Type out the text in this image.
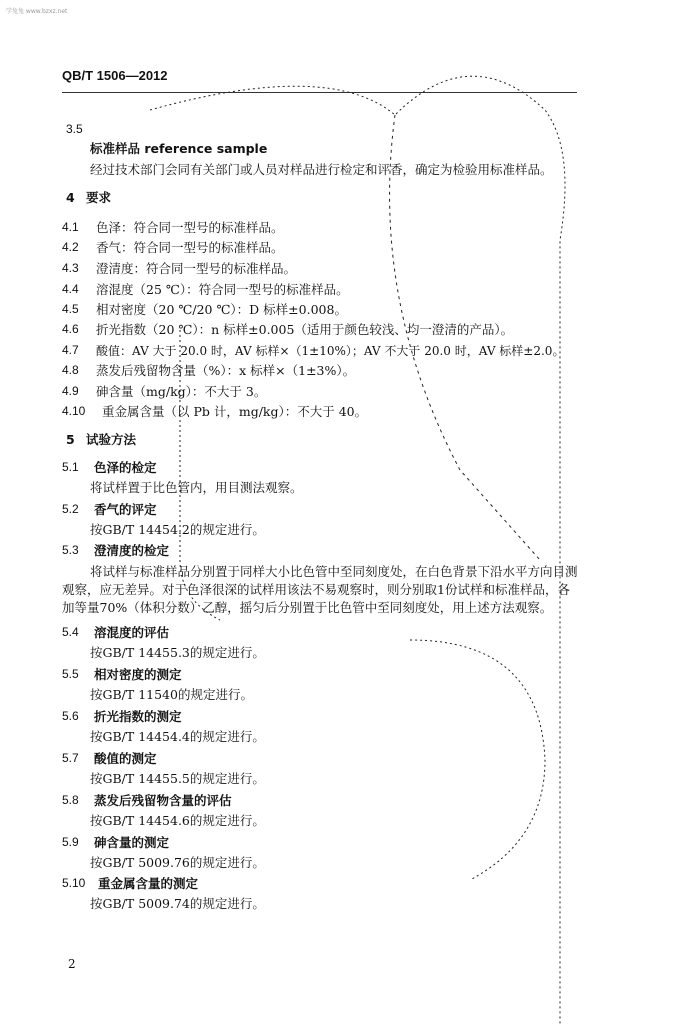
学兔兔 www.bzxz.net
QB/T 1506—2012
3.5
标准样品 reference sample
经过技术部门会同有关部门或人员对样品进行检定和评香，确定为检验用标准样品。
4 要求
4.1 色泽：符合同一型号的标准样品。
4.2 香气：符合同一型号的标准样品。
4.3 澄清度：符合同一型号的标准样品。
4.4 溶混度（25 ℃）：符合同一型号的标准样品。
4.5 相对密度（20 ℃/20 ℃）：D 标样±0.008。
4.6 折光指数（20 ℃）：n 标样±0.005（适用于颜色较浅、均一澄清的产品）。
4.7 酸值：AV 大于 20.0 时，AV 标样×（1±10%）；AV 不大于 20.0 时，AV 标样±2.0。
4.8 蒸发后残留物含量（%）：x 标样×（1±3%）。
4.9 砷含量（mg/kg）：不大于 3。
4.10 重金属含量（以 Pb 计，mg/kg）：不大于 40。
5 试验方法
5.1 色泽的检定
将试样置于比色管内，用目测法观察。
5.2 香气的评定
按GB/T 14454.2的规定进行。
5.3 澄清度的检定
将试样与标准样品分别置于同样大小比色管中至同刻度处，在白色背景下沿水平方向目测观察，应无差异。对于色泽很深的试样用该法不易观察时，则分别取1份试样和标准样品，各加等量70%（体积分数）乙醇，摇匀后分别置于比色管中至同刻度处，用上述方法观察。
5.4 溶混度的评估
按GB/T 14455.3的规定进行。
5.5 相对密度的测定
按GB/T 11540的规定进行。
5.6 折光指数的测定
按GB/T 14454.4的规定进行。
5.7 酸值的测定
按GB/T 14455.5的规定进行。
5.8 蒸发后残留物含量的评估
按GB/T 14454.6的规定进行。
5.9 砷含量的测定
按GB/T 5009.76的规定进行。
5.10 重金属含量的测定
按GB/T 5009.74的规定进行。
2
